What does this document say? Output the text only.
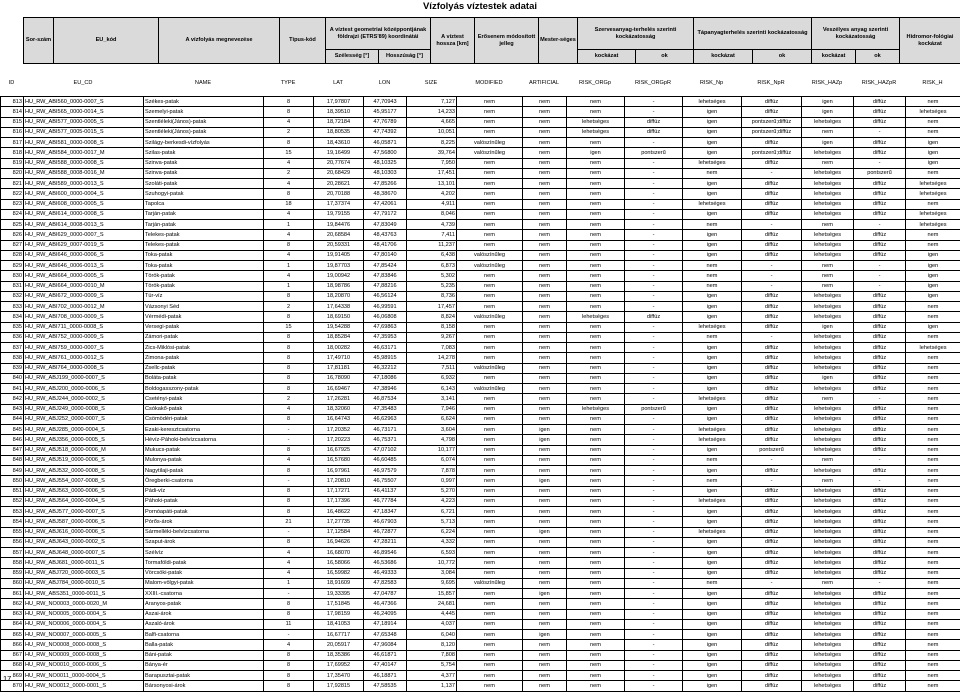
Vízfolyás víztestek adatai
Sor-szám	EU_kód	A vízfolyás megnevezése	Típus-kód	A víztest geometriai középpontjának földrajzi (ETRS'89) koordinátái		A víztest hossza [km]	Erősenem módosított jelleg	Mester-séges	Szervesanyag-terhelés szerinti kockázatosság		Tápanyagterhelés szerinti kockázatosság		Veszélyes anyag szerinti kockázatosság		Hidromor-fológiai kockázat
				Szélesség [°]	Hosszúság [°]				kockázat	ok	kockázat	ok	kockázat	ok	
ID	EU_CD	NAME	TYPE	LAT	LON	SIZE	MODIFIED	ARTIFICIAL	RISK_ORGp	RISK_ORGpR	RISK_Np	RISK_NpR	RISK_HAZp	RISK_HAZpR	RISK_H
813	HU_RW_ABI560_0000-0007_S	Székes-patak	8	17,97807	47,70943	7,127	nem	nem	nem	-	lehetséges	diffúz	igen	diffúz	nem
814	HU_RW_ABI565_0000-0014_S	Szemelyi-patak	8	18,39510	45,95177	14,233	nem	nem	nem	-	igen	diffúz	igen	diffúz	lehetséges
815	HU_RW_ABI577_0000-0005_S	Szentléleki(János)-patak	4	18,72184	47,76789	4,665	nem	nem	lehetséges	diffúz	igen	pontszerű;diffúz	lehetséges	diffúz	nem
816	HU_RW_ABI577_0005-0015_S	Szentléleki(János)-patak	2	18,80535	47,74392	10,051	nem	nem	lehetséges	diffúz	igen	pontszerű;diffúz	nem	-	nem
817	HU_RW_ABI581_0000-0008_S	Szilágy-berkesdi-vízfolyás	8	18,43610	46,05871	8,225	valószínűleg	nem	nem	-	igen	diffúz	igen	diffúz	igen
818	HU_RW_ABI584_0000-0017_M	Szilas-patak	15	19,16499	47,56800	39,764	valószínűleg	nem	igen	pontszerű	igen	pontszerű;diffúz	lehetséges	diffúz	igen
819	HU_RW_ABI588_0000-0008_S	Szinva-patak	4	20,77674	48,10325	7,950	nem	nem	nem	-	lehetséges	diffúz	nem	-	igen
820	HU_RW_ABI588_0008-0016_M	Szinva-patak	2	20,68429	48,10303	17,451	nem	nem	nem	-	nem	-	lehetséges	pontszerű	nem
821	HU_RW_ABI589_0000-0013_S	Szoláti-patak	4	20,28621	47,85266	13,101	nem	nem	nem	-	igen	diffúz	lehetséges	diffúz	lehetséges
822	HU_RW_ABI600_0000-0004_S	Szuhogyi-patak	8	20,70188	48,38670	4,202	nem	nem	nem	-	igen	diffúz	lehetséges	diffúz	lehetséges
823	HU_RW_ABI608_0000-0005_S	Tapolca	18	17,37374	47,42061	4,911	nem	nem	nem	-	lehetséges	diffúz	lehetséges	diffúz	nem
824	HU_RW_ABI614_0000-0008_S	Tarján-patak	4	19,79155	47,79172	8,046	nem	nem	nem	-	igen	diffúz	lehetséges	diffúz	lehetséges
825	HU_RW_ABI614_0008-0013_S	Tarján-patak	1	19,84476	47,83049	4,739	nem	nem	nem	-	nem	-	nem	-	lehetséges
826	HU_RW_ABI629_0000-0007_S	Telekes-patak	4	20,68584	48,43763	7,411	nem	nem	nem	-	igen	diffúz	lehetséges	diffúz	nem
827	HU_RW_ABI629_0007-0019_S	Telekes-patak	8	20,59331	48,41706	11,237	nem	nem	nem	-	igen	diffúz	lehetséges	diffúz	nem
828	HU_RW_ABI646_0000-0006_S	Toka-patak	4	19,91405	47,80140	6,438	valószínűleg	nem	nem	-	igen	diffúz	lehetséges	diffúz	igen
829	HU_RW_ABI646_0006-0013_S	Toka-patak	1	19,87703	47,85424	6,873	valószínűleg	nem	nem	-	nem	-	nem	-	igen
830	HU_RW_ABI664_0000-0005_S	Török-patak	4	19,00942	47,83846	5,302	nem	nem	nem	-	nem	-	nem	-	igen
831	HU_RW_ABI664_0000-0010_M	Török-patak	1	18,98786	47,88216	5,235	nem	nem	nem	-	nem	-	nem	-	igen
832	HU_RW_ABI672_0000-0009_S	Túr-víz	8	18,20870	46,56124	8,736	nem	nem	nem	-	igen	diffúz	lehetséges	diffúz	igen
833	HU_RW_ABI702_0000-0012_M	Vázsonyi Séd	2	17,64338	46,99591	17,457	nem	nem	nem	-	igen	diffúz	lehetséges	diffúz	nem
834	HU_RW_ABI708_0000-0009_S	Vérmédi-patak	8	18,69150	46,06808	8,824	valószínűleg	nem	lehetséges	diffúz	igen	diffúz	lehetséges	diffúz	nem
835	HU_RW_ABI711_0000-0008_S	Versegi-patak	15	19,54288	47,69863	8,158	nem	nem	nem	-	lehetséges	diffúz	igen	diffúz	igen
836	HU_RW_ABI752_0000-0009_S	Zámori-patak	8	18,85284	47,35953	9,267	nem	nem	nem	-	nem	-	lehetséges	diffúz	nem
837	HU_RW_ABI759_0000-0007_S	Zics-Miklósi-patak	8	18,00282	46,63171	7,083	nem	nem	nem	-	igen	diffúz	lehetséges	diffúz	lehetséges
838	HU_RW_ABI761_0000-0012_S	Zimona-patak	8	17,49710	45,98915	14,278	nem	nem	nem	-	igen	diffúz	lehetséges	diffúz	nem
839	HU_RW_ABI764_0000-0008_S	Zsellc-patak	8	17,81181	46,32212	7,511	valószínűleg	nem	nem	-	igen	diffúz	lehetséges	diffúz	nem
840	HU_RW_ABJ199_0000-0007_S	Boláta-patak	8	16,78090	47,18086	6,932	nem	nem	nem	-	igen	diffúz	igen	diffúz	nem
841	HU_RW_ABJ200_0000-0006_S	Boldogasszony-patak	8	16,69467	47,38946	6,143	valószínűleg	nem	nem	-	igen	diffúz	lehetséges	diffúz	nem
842	HU_RW_ABJ244_0000-0002_S	Csetényi-patak	2	17,26281	46,87534	3,141	nem	nem	nem	-	lehetséges	diffúz	nem	-	nem
843	HU_RW_ABJ249_0000-0008_S	Csókakő-patak	4	18,32060	47,35483	7,946	nem	nem	lehetséges	pontszerű	igen	diffúz	lehetséges	diffúz	nem
844	HU_RW_ABJ252_0000-0007_S	Csömödéri-patak	8	16,64743	46,62963	6,624	nem	nem	nem	-	igen	diffúz	lehetséges	diffúz	nem
845	HU_RW_ABJ285_0000-0004_S	Ezaki-keresztcsatorna	-	17,20352	46,73171	3,604	nem	igen	nem	-	lehetséges	diffúz	lehetséges	diffúz	nem
846	HU_RW_ABJ356_0000-0005_S	Hévíz-Páhoki-belvízcsatorna	-	17,20223	46,75371	4,798	nem	igen	nem	-	lehetséges	diffúz	lehetséges	diffúz	nem
847	HU_RW_ABJ518_0000-0006_M	Mukucs-patak	8	16,67925	47,07102	10,177	nem	nem	nem	-	igen	pontszerű	lehetséges	diffúz	nem
848	HU_RW_ABJ519_0000-0006_S	Mulonya-patak	4	16,57680	46,60485	6,074	nem	nem	nem	-	nem	-	nem	-	nem
849	HU_RW_ABJ532_0000-0008_S	Nagytilaji-patak	8	16,97961	46,97579	7,878	nem	nem	nem	-	igen	diffúz	lehetséges	diffúz	nem
850	HU_RW_ABJ554_0007-0008_S	Öregberki-csatorna	-	17,20810	46,75507	0,997	nem	igen	nem	-	nem	-	nem	-	nem
851	HU_RW_ABJ563_0000-0006_S	Pádi-víz	8	17,17271	46,41137	5,270	nem	nem	nem	-	igen	diffúz	lehetséges	diffúz	nem
852	HU_RW_ABJ564_0000-0004_S	Páhoki-patak	8	17,17396	46,77784	4,223	nem	nem	nem	-	lehetséges	diffúz	lehetséges	diffúz	nem
853	HU_RW_ABJ577_0000-0007_S	Pornóapáti-patak	8	16,48622	47,18347	6,721	nem	nem	nem	-	igen	diffúz	lehetséges	diffúz	nem
854	HU_RW_ABJ587_0000-0006_S	Pórős-árok	21	17,27735	46,67903	5,713	nem	nem	nem	-	igen	diffúz	lehetséges	diffúz	nem
855	HU_RW_ABJ616_0000-0006_S	Sármelléki-belvízcsatorna	-	17,12584	46,72877	6,224	nem	igen	nem	-	lehetséges	diffúz	lehetséges	diffúz	nem
856	HU_RW_ABJ643_0000-0002_S	Szaput-árok	8	16,94626	47,28211	4,332	nem	nem	nem	-	igen	diffúz	lehetséges	diffúz	nem
857	HU_RW_ABJ648_0000-0007_S	Szélvíz	4	16,68070	46,89546	6,593	nem	nem	nem	-	igen	diffúz	lehetséges	diffúz	nem
858	HU_RW_ABJ681_0000-0011_S	Tormaföldi-patak	4	16,58066	46,53686	10,772	nem	nem	nem	-	igen	diffúz	lehetséges	diffúz	nem
859	HU_RW_ABJ720_0000-0003_S	Vörcsöki-patak	4	16,59982	46,49333	3,084	nem	nem	nem	-	igen	diffúz	lehetséges	diffúz	nem
860	HU_RW_ABJ784_0000-0010_S	Malom-völgyi-patak	1	18,91609	47,82583	9,695	valószínűleg	nem	nem	-	nem	-	nem	-	nem
861	HU_RW_ABS351_0000-0011_S	XXIII.-csatorna	-	19,33395	47,04787	15,857	nem	igen	nem	-	igen	diffúz	lehetséges	diffúz	nem
862	HU_RW_NO0003_0000-0020_M	Aranyos-patak	8	17,51845	46,47366	24,681	nem	nem	nem	-	igen	diffúz	lehetséges	diffúz	nem
863	HU_RW_NO0005_0000-0004_S	Aszai-árok	8	17,98159	46,24095	4,445	nem	nem	nem	-	igen	diffúz	lehetséges	diffúz	nem
864	HU_RW_NO0006_0000-0004_S	Aszaló-árok	11	18,41053	47,18914	4,037	nem	nem	nem	-	igen	diffúz	lehetséges	diffúz	nem
865	HU_RW_NO0007_0000-0005_S	Balfi-csatorna	-	16,67717	47,65348	6,040	nem	igen	nem	-	igen	diffúz	lehetséges	diffúz	nem
866	HU_RW_NO0008_0000-0008_S	Balla-patak	4	20,05917	47,96084	8,120	nem	nem	nem	-	igen	diffúz	lehetséges	diffúz	nem
867	HU_RW_NO0009_0000-0008_S	Báni-patak	8	18,35386	46,61871	7,808	nem	nem	nem	-	igen	diffúz	lehetséges	diffúz	nem
868	HU_RW_NO0010_0000-0006_S	Bánya-ér	8	17,69952	47,40147	5,754	nem	nem	nem	-	igen	diffúz	lehetséges	diffúz	nem
869	HU_RW_NO0011_0000-0004_S	Barapusztai-patak	8	17,35470	46,18871	4,377	nem	nem	nem	-	igen	diffúz	lehetséges	diffúz	nem
870	HU_RW_NO0012_0000-0001_S	Bársonyosi-árok	8	17,92815	47,58535	1,137	nem	nem	nem	-	igen	diffúz	lehetséges	diffúz	nem
17
